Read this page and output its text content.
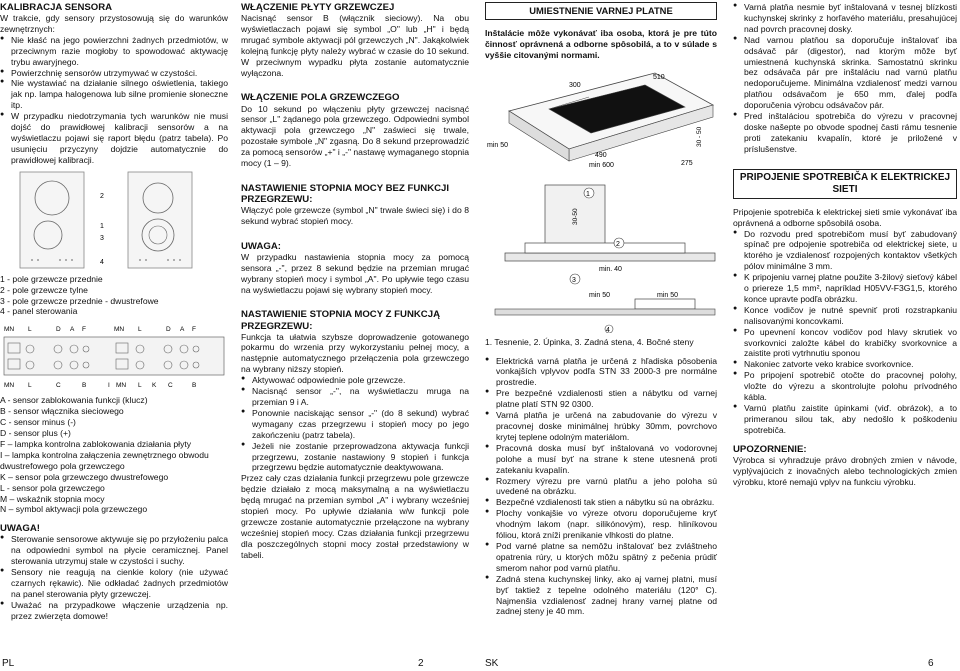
KALIBRACJA SENSORA

W trakcie, gdy sensory przystosowują się do warunków zewnętrznych:

● Nie kłaść na jego powierzchni żadnych przedmiotów, w przeciwnym razie mogłoby to spowodować aktywację trybu awaryjnego.
● Powierzchnię sensorów utrzymywać w czystości.
● Nie wystawiać na działanie silnego oświetlenia, takiego jak np. lampa halogenowa lub silne promienie słoneczne itp.
● W przypadku niedotrzymania tych warunków nie musi dojść do prawidłowej kalibracji sensorów a na wyświetlaczu pojawi się raport błędu (patrz tabela). Po usunięciu przyczyny dojdzie automatycznie do prawidłowej kalibracji.
2
1
3
4
1 - pole grzewcze przednie
2 - pole grzewcze tylne
3 - pole grzewcze przednie - dwustrefowe
4 - panel sterowania
MN L	D A F	MN L	D A F
MN L	C	B	I MN L K C	B
A - sensor zablokowania funkcji (klucz)
B - sensor włącznika sieciowego
C - sensor minus (-)
D - sensor plus (+)
F – lampka kontrolna zablokowania działania płyty
I – lampka kontrolna załączenia zewnętrznego obwodu dwustrefowego pola grzewczego
K – sensor pola grzewczego dwustrefowego
L - sensor pola grzewczego
M – wskaźnik stopnia mocy
N – symbol aktywacji pola grzewczego
UWAGA!
● Sterowanie sensorowe aktywuje się po przyłożeniu palca na odpowiedni symbol na płycie ceramicznej. Panel sterowania utrzymuj stale w czystości i suchy.
● Sensory nie reagują na cienkie kolory (nie używać czarnych rękawic). Nie odkładać żadnych przedmiotów na panel sterowania płyty grzewczej.
● Uważać na przypadkowe włączenie urządzenia np. przez zwierzęta domowe!
WŁĄCZENIE PŁYTY GRZEWCZEJ

Nacisnąć sensor B (włącznik sieciowy). Na obu wyświetlaczach pojawi się symbol „O" lub „H" i będą mrugać symbole aktywacji pól grzewczych „N". Jakąkolwiek kolejną funkcję płyty należy wybrać w czasie do 10 sekund. W przeciwnym wypadku płyta zostanie automatycznie wyłączona.

WŁĄCZENIE POLA GRZEWCZEGO

Do 10 sekund po włączeniu płyty grzewczej nacisnąć sensor „L" żądanego pola grzewczego. Odpowiedni symbol aktywacji pola grzewczego „N" zaświeci się trwale, pozostałe symbole „N" zgasną. Do 8 sekund przeprowadzić za pomocą sensorów „+" i „-" nastawę wymaganego stopnia mocy (1 – 9).

NASTAWIENIE STOPNIA MOCY BEZ FUNKCJI PRZEGRZEWU:

Włączyć pole grzewcze (symbol „N" trwale świeci się) i do 8 sekund wybrać stopień mocy.

UWAGA:

W przypadku nastawienia stopnia mocy za pomocą sensora „-", przez 8 sekund będzie na przemian mrugać wybrany stopień mocy i symbol „A". Po upływie tego czasu na wyświetlaczu pojawi się wybrany stopień mocy.

NASTAWIENIE STOPNIA MOCY Z FUNKCJĄ PRZEGRZEWU:

Funkcja ta ułatwia szybsze doprowadzenie gotowanego pokarmu do wrzenia przy wykorzystaniu pełnej mocy, a następnie automatycznego przełączenia pola grzewczego na wybrany niższy stopień.

● Aktywować odpowiednie pole grzewcze.
● Nacisnąć sensor „-", na wyświetlaczu mruga na przemian 9 i A.
● Ponownie naciskając sensor „-" (do 8 sekund) wybrać wymagany czas przegrzewu i stopień mocy po jego zakończeniu (patrz tabela).
● Jeżeli nie zostanie przeprowadzona aktywacja funkcji przegrzewu, zostanie nastawiony 9 stopień i funkcja przegrzewu będzie automatycznie deaktywowana.

Przez cały czas działania funkcji przegrzewu pole grzewcze będzie działało z mocą maksymalną a na wyświetlaczu będą mrugać na przemian symbol „A" i wybrany wcześniej stopień mocy. Po upływie działania w/w funkcji pole grzewcze zostanie automatycznie przełączone na wybrany wcześniej stopień mocy. Czas działania funkcji przegrzewu dla poszczególnych stopni mocy został przedstawiony w tabeli.

UMIESTNENIE VARNEJ PLATNE

Inštalácie môže vykonávať iba osoba, ktorá je pre túto činnosť oprávnená a odborne spôsobilá, a to v súlade s vyššie citovanými normami.

300
510
min 50
490
min 600
30 - 50
275
1
2
3
4
30-50
min. 40
min 50	min 50

1. Tesnenie, 2. Úpinka, 3. Zadná stena, 4. Bočné steny

● Elektrická varná platňa je určená z hľadiska pôsobenia vonkajších vplyvov podľa STN 33 2000-3 pre normálne prostredie.
● Pre bezpečné vzdialenosti stien a nábytku od varnej platne platí STN 92 0300.
● Varná platňa je určená na zabudovanie do výrezu v pracovnej doske minimálnej hrúbky 30mm, povrchovo krytej teplene odolným materiálom.
● Pracovná doska musí byť inštalovaná vo vodorovnej polohe a musí byť na strane k stene utesnená proti zatekaniu kvapalín.
● Rozmery výrezu pre varnú platňu a jeho poloha sú uvedené na obrázku.
● Bezpečné vzdialenosti tak stien a nábytku sú na obrázku.
● Plochy vonkajšie vo výreze otvoru doporučujeme kryť vhodným lakom (napr. silikónovým), resp. hliníkovou fóliou, ktorá zníži prenikanie vlhkosti do platne.
● Pod varné platne sa nemôžu inštalovať bez zvláštneho opatrenia rúry, u ktorých môžu spätný z pečenia prúdiť smerom nahor pod varnú platňu.
● Zadná stena kuchynskej linky, ako aj varnej platni, musí byť taktiež z tepelne odolného materiálu (120° C). Najmenšia vzdialenosť zadnej hrany varnej platne od zadnej steny je 40 mm.
● Varná platňa nesmie byť inštalovaná v tesnej blízkosti kuchynskej skrinky z horľavého materiálu, presahujúcej nad povrch pracovnej dosky.
● Nad varnou platňou sa doporučuje inštalovať iba odsávač pár (digestor), nad ktorým môže byť umiestnená kuchynská skrinka. Samostatnú skrinku bez odsávača pár pre inštaláciu nad varnú platňu nedoporučujeme. Minimálna vzdialenosť medzi varnou platňou odsávačom je 650 mm, ďalej podľa doporučenia výrobcu odsávačov pár.
● Pred inštaláciou spotrebiča do výrezu v pracovnej doske našepte po obvode spodnej časti rámu tesnenie proti zatekaniu kvapalín, ktoré je priložené v príslušenstve.
PRIPOJENIE SPOTREBIČA K ELEKTRICKEJ SIETI

Pripojenie spotrebiča k elektrickej sieti smie vykonávať iba oprávnená a odborne spôsobilá osoba.

● Do rozvodu pred spotrebičom musí byť zabudovaný spínač pre odpojenie spotrebiča od elektrickej siete, u ktorého je vzdialenosť rozpojených kontaktov všetkých pólov minimálne 3 mm.
● K pripojeniu varnej platne použite 3-žilový sieťový kábel o priereze 1,5 mm², napríklad H05VV-F3G1,5, ktorého konce upravte podľa obrázku.
● Konce vodičov je nutné spevniť proti rozstrapkaniu nalisovanými koncovkami.
● Po upevnení koncov vodičov pod hlavy skrutiek vo svorkovnici založte kábel do krabičky svorkovnice a zaistite proti vytrhnutiu sponou
● Nakoniec zatvorte veko krabice svorkovnice.
● Po pripojení spotrebič otočte do pracovnej polohy, vložte do výrezu a skontrolujte polohu prívodného kábla.
● Varnú platňu zaistite úpinkami (viď. obrázok), a to primeranou silou tak, aby nedošlo k poškodeniu spotrebiča.
UPOZORNENIE:

Výrobca si vyhradzuje právo drobných zmien v návode, vyplývajúcich z inovačných alebo technologických zmien výrobku, ktoré nemajú vplyv na funkciu výrobku.

PL	2	SK	6
